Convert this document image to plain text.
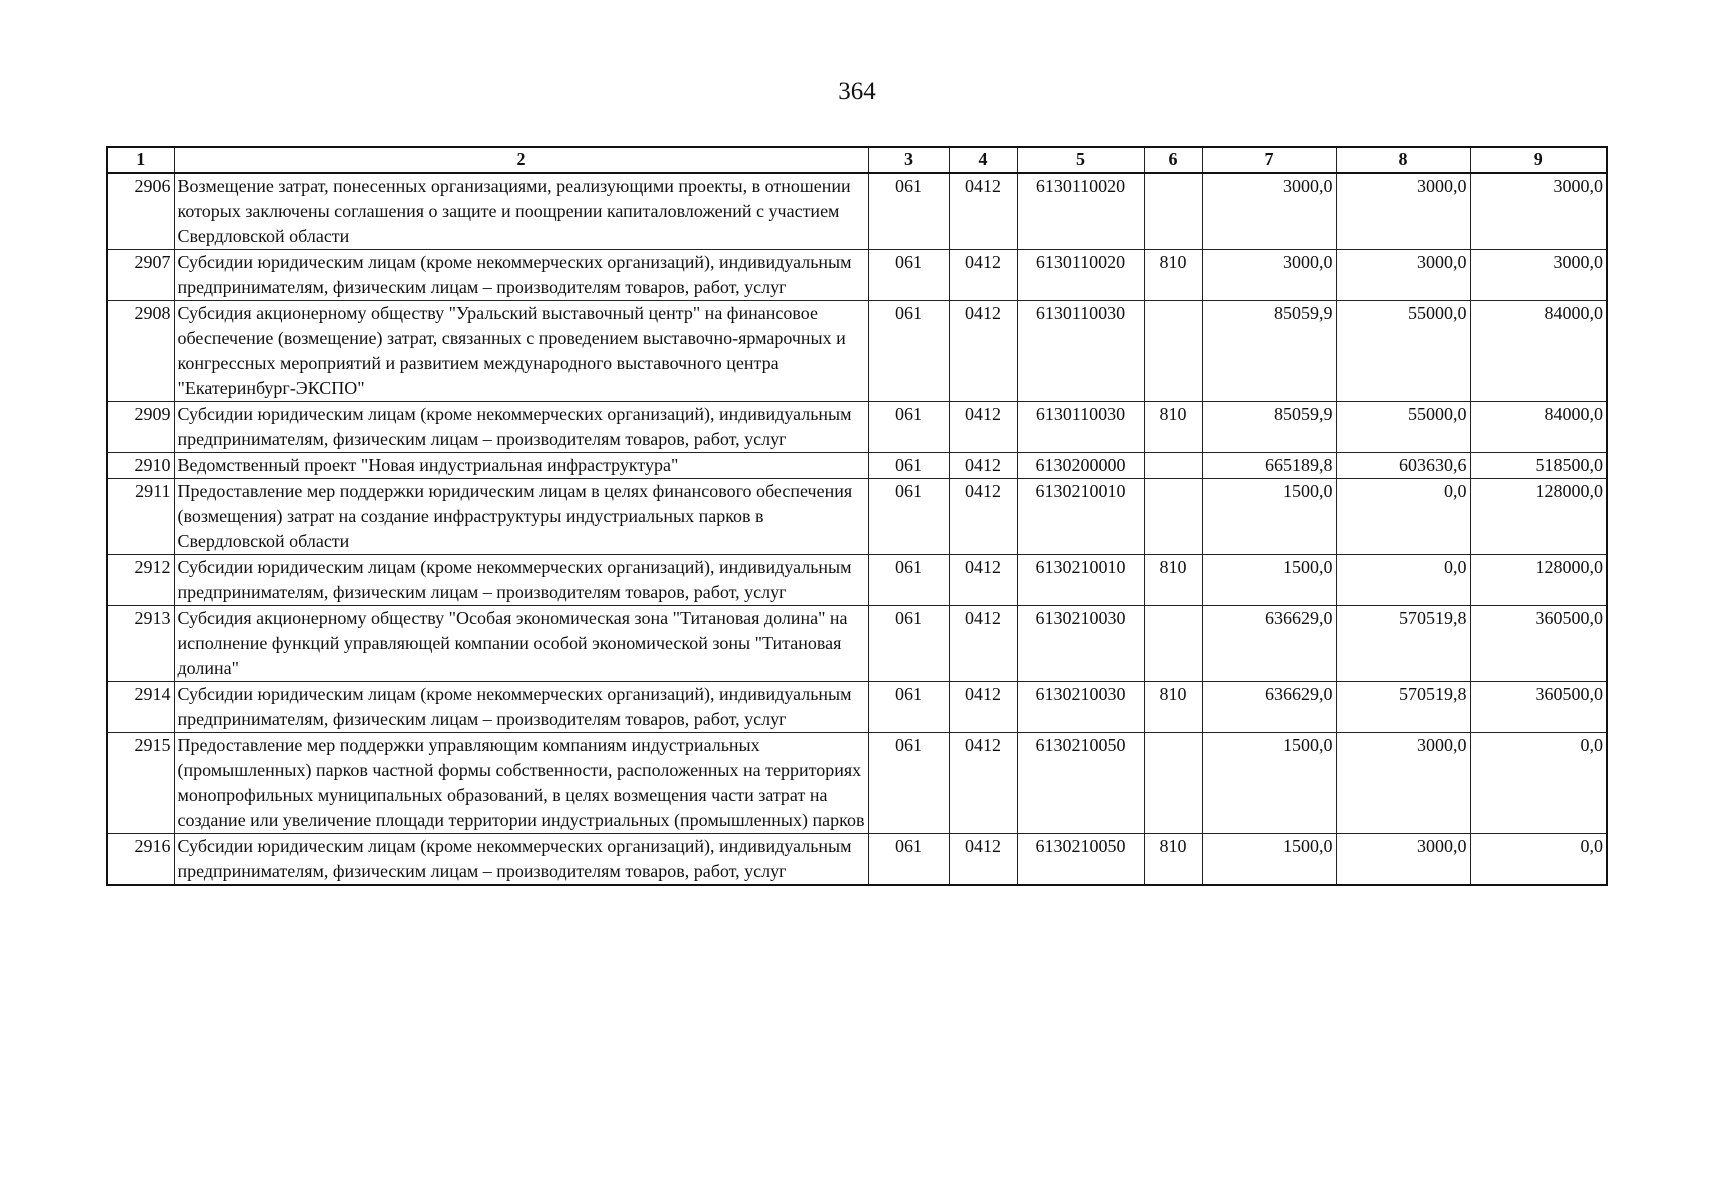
364
1	2	3	4	5	6	7	8	9
2906	Возмещение затрат, понесенных организациями, реализующими проекты, в отношении которых заключены соглашения о защите и поощрении капиталовложений с участием Свердловской области	061	0412	6130110020		3000,0	3000,0	3000,0
2907	Субсидии юридическим лицам (кроме некоммерческих организаций), индивидуальным предпринимателям, физическим лицам – производителям товаров, работ, услуг	061	0412	6130110020	810	3000,0	3000,0	3000,0
2908	Субсидия акционерному обществу "Уральский выставочный центр" на финансовое обеспечение (возмещение) затрат, связанных с проведением выставочно-ярмарочных и конгрессных мероприятий и развитием международного выставочного центра "Екатеринбург-ЭКСПО"	061	0412	6130110030		85059,9	55000,0	84000,0
2909	Субсидии юридическим лицам (кроме некоммерческих организаций), индивидуальным предпринимателям, физическим лицам – производителям товаров, работ, услуг	061	0412	6130110030	810	85059,9	55000,0	84000,0
2910	Ведомственный проект "Новая индустриальная инфраструктура"	061	0412	6130200000		665189,8	603630,6	518500,0
2911	Предоставление мер поддержки юридическим лицам в целях финансового обеспечения (возмещения) затрат на создание инфраструктуры индустриальных парков в Свердловской области	061	0412	6130210010		1500,0	0,0	128000,0
2912	Субсидии юридическим лицам (кроме некоммерческих организаций), индивидуальным предпринимателям, физическим лицам – производителям товаров, работ, услуг	061	0412	6130210010	810	1500,0	0,0	128000,0
2913	Субсидия акционерному обществу "Особая экономическая зона "Титановая долина" на исполнение функций управляющей компании особой экономической зоны "Титановая долина"	061	0412	6130210030		636629,0	570519,8	360500,0
2914	Субсидии юридическим лицам (кроме некоммерческих организаций), индивидуальным предпринимателям, физическим лицам – производителям товаров, работ, услуг	061	0412	6130210030	810	636629,0	570519,8	360500,0
2915	Предоставление мер поддержки управляющим компаниям индустриальных (промышленных) парков частной формы собственности, расположенных на территориях монопрофильных муниципальных образований, в целях возмещения части затрат на создание или увеличение площади территории индустриальных (промышленных) парков	061	0412	6130210050		1500,0	3000,0	0,0
2916	Субсидии юридическим лицам (кроме некоммерческих организаций), индивидуальным предпринимателям, физическим лицам – производителям товаров, работ, услуг	061	0412	6130210050	810	1500,0	3000,0	0,0
